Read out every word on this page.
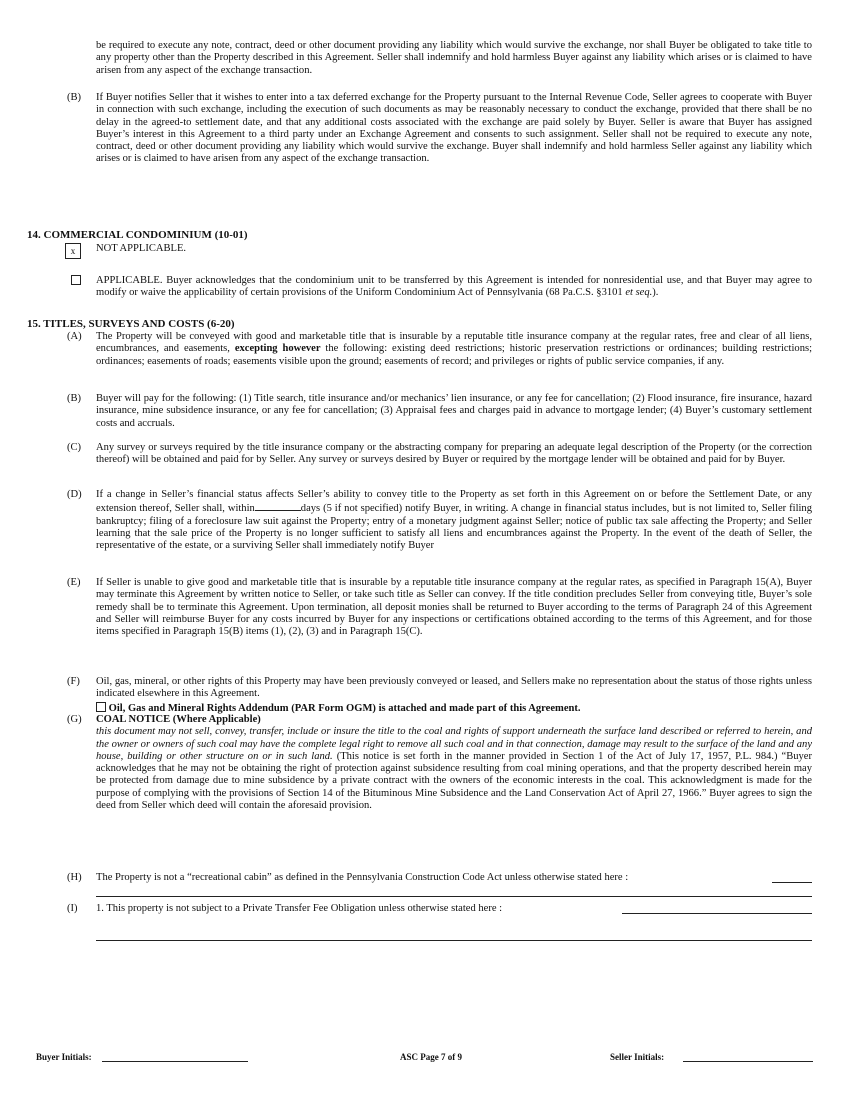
be required to execute any note, contract, deed or other document providing any liability which would survive the exchange, nor shall Buyer be obligated to take title to any property other than the Property described in this Agreement. Seller shall indemnify and hold harmless Buyer against any liability which arises or is claimed to have arisen from any aspect of the exchange transaction.

(B)	If Buyer notifies Seller that it wishes to enter into a tax deferred exchange for the Property pursuant to the Internal Revenue Code, Seller agrees to cooperate with Buyer in connection with such exchange, including the execution of such documents as may be reasonably necessary to conduct the exchange, provided that there shall be no delay in the agreed-to settlement date, and that any additional costs associated with the exchange are paid solely by Buyer. Seller is aware that Buyer has assigned Buyer’s interest in this Agreement to a third party under an Exchange Agreement and consents to such assignment. Seller shall not be required to execute any note, contract, deed or other document providing any liability which would survive the exchange. Buyer shall indemnify and hold harmless Seller against any liability which arises or is claimed to have arisen from any aspect of the exchange transaction.

14. COMMERCIAL CONDOMINIUM (10-01)
x	NOT APPLICABLE.

APPLICABLE. Buyer acknowledges that the condominium unit to be transferred by this Agreement is intended for nonresidential use, and that Buyer may agree to modify or waive the applicability of certain provisions of the Uniform Condominium Act of Pennsylvania (68 Pa.C.S. §3101 et seq.).

15. TITLES, SURVEYS AND COSTS (6-20)
(A)	The Property will be conveyed with good and marketable title that is insurable by a reputable title insurance company at the regular rates, free and clear of all liens, encumbrances, and easements, excepting however the following: existing deed restrictions; historic preservation restrictions or ordinances; building restrictions; ordinances; easements of roads; easements visible upon the ground; easements of record; and privileges or rights of public service companies, if any.

(B)	Buyer will pay for the following: (1) Title search, title insurance and/or mechanics’ lien insurance, or any fee for cancellation; (2) Flood insurance, fire insurance, hazard insurance, mine subsidence insurance, or any fee for cancellation; (3) Appraisal fees and charges paid in advance to mortgage lender; (4) Buyer’s customary settlement costs and accruals.

(C)	Any survey or surveys required by the title insurance company or the abstracting company for preparing an adequate legal description of the Property (or the correction thereof) will be obtained and paid for by Seller. Any survey or surveys desired by Buyer or required by the mortgage lender will be obtained and paid for by Buyer.

(D)	If a change in Seller’s financial status affects Seller’s ability to convey title to the Property as set forth in this Agreement on or before the Settlement Date, or any extension thereof, Seller shall, within	days (5 if not specified) notify Buyer, in writing. A change in financial status includes, but is not limited to, Seller filing bankruptcy; filing of a foreclosure law suit against the Property; entry of a monetary judgment against Seller; notice of public tax sale affecting the Property; and Seller learning that the sale price of the Property is no longer sufficient to satisfy all liens and encumbrances against the Property. In the event of the death of Seller, the representative of the estate, or a surviving Seller shall immediately notify Buyer

(E)	If Seller is unable to give good and marketable title that is insurable by a reputable title insurance company at the regular rates, as specified in Paragraph 15(A), Buyer may terminate this Agreement by written notice to Seller, or take such title as Seller can convey. If the title condition precludes Seller from conveying title, Buyer’s sole remedy shall be to terminate this Agreement. Upon termination, all deposit monies shall be returned to Buyer according to the terms of Paragraph 24 of this Agreement and Seller will reimburse Buyer for any costs incurred by Buyer for any inspections or certifications obtained according to the terms of this Agreement, and for those items specified in Paragraph 15(B) items (1), (2), (3) and in Paragraph 15(C).

(F)	Oil, gas, mineral, or other rights of this Property may have been previously conveyed or leased, and Sellers make no representation about the status of those rights unless indicated elsewhere in this Agreement.

Oil, Gas and Mineral Rights Addendum (PAR Form OGM) is attached and made part of this Agreement.

(G)	COAL NOTICE (Where Applicable)

this document may not sell, convey, transfer, include or insure the title to the coal and rights of support underneath the surface land described or referred to herein, and the owner or owners of such coal may have the complete legal right to remove all such coal and in that connection, damage may result to the surface of the land and any house, building or other structure on or in such land. (This notice is set forth in the manner provided in Section 1 of the Act of July 17, 1957, P.L. 984.) “Buyer acknowledges that he may not be obtaining the right of protection against subsidence resulting from coal mining operations, and that the property described herein may be protected from damage due to mine subsidence by a private contract with the owners of the economic interests in the coal. This acknowledgment is made for the purpose of complying with the provisions of Section 14 of the Bituminous Mine Subsidence and the Land Conservation Act of April 27, 1966.” Buyer agrees to sign the deed from Seller which deed will contain the aforesaid provision.

(H)	The Property is not a “recreational cabin” as defined in the Pennsylvania Construction Code Act unless otherwise stated here :

(I)	1. This property is not subject to a Private Transfer Fee Obligation unless otherwise stated here :

Buyer Initials:	ASC Page 7 of 9	Seller Initials:
